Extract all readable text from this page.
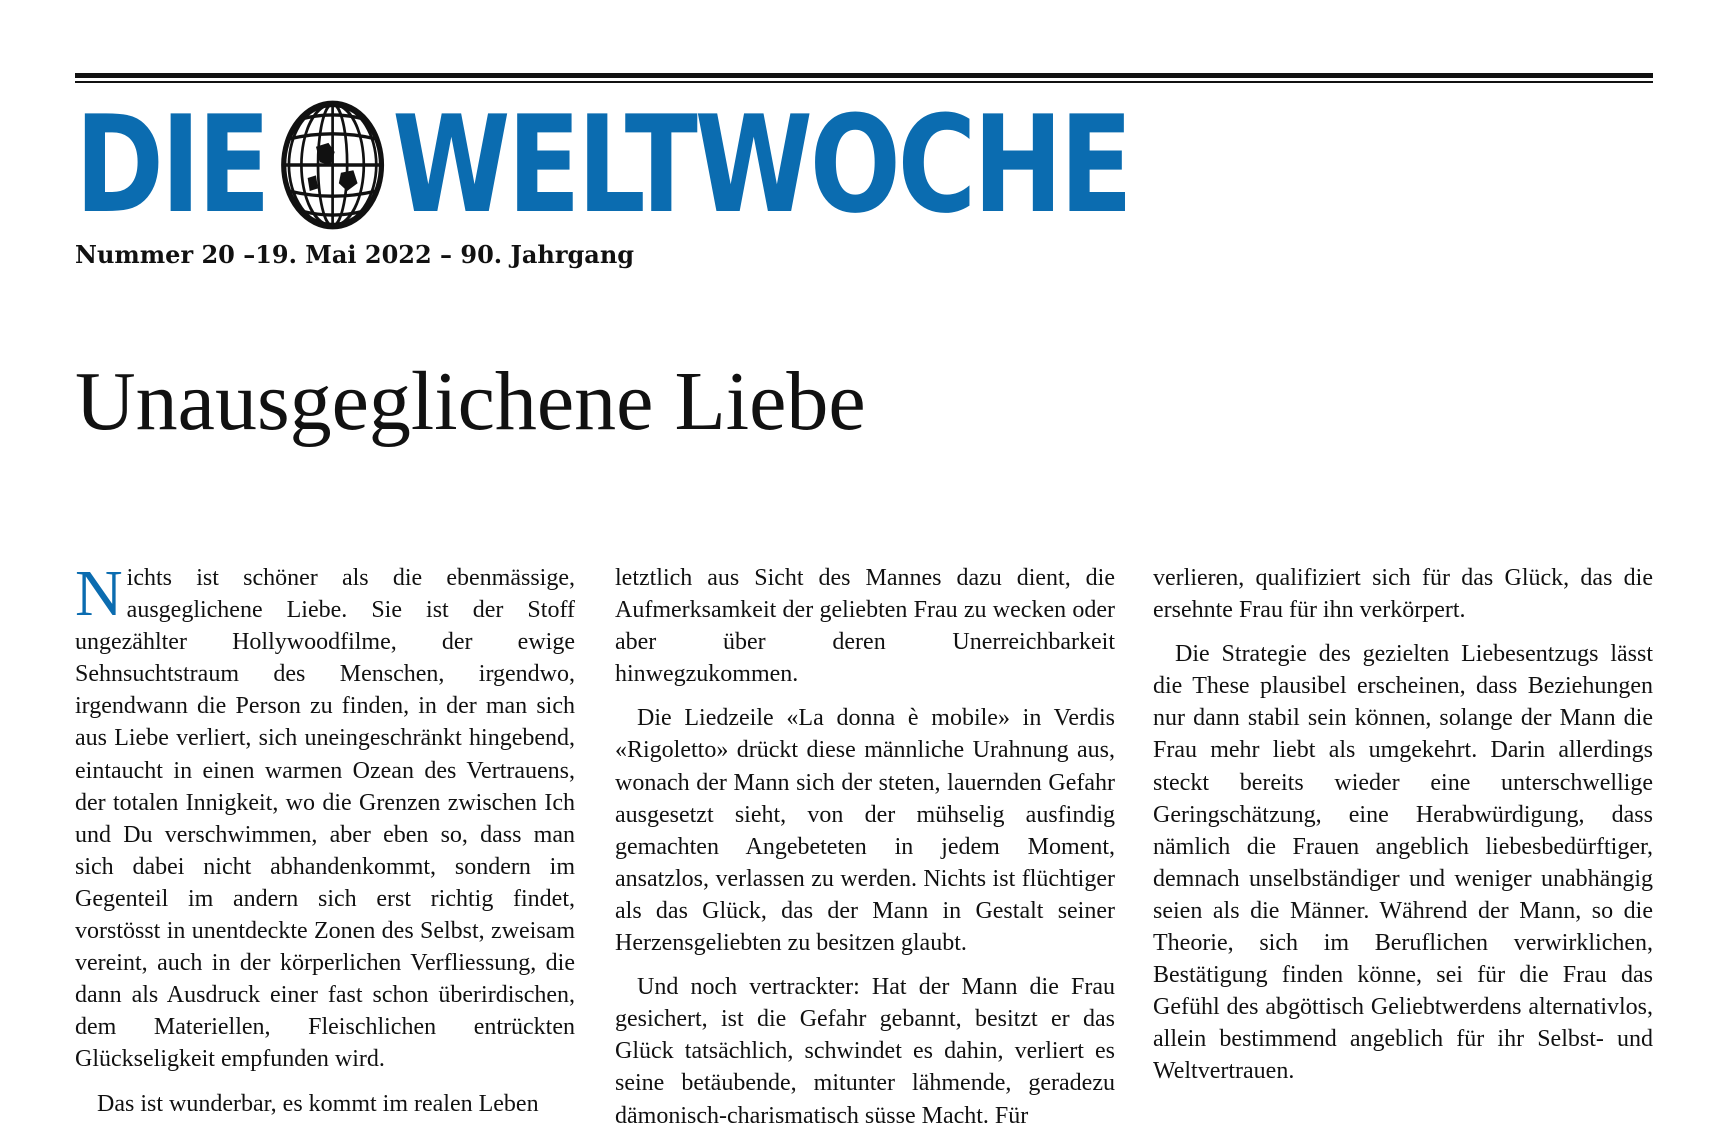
DIE WELTWOCHE
Nummer 20 –19. Mai 2022 – 90. Jahrgang
Unausgeglichene Liebe

Nichts ist schöner als die ebenmässige, ausgeglichene Liebe. Sie ist der Stoff ungezählter Hollywoodfilme, der ewige Sehnsuchtstraum des Menschen, irgendwo, irgendwann die Person zu finden, in der man sich aus Liebe verliert, sich uneingeschränkt hingebend, eintaucht in einen warmen Ozean des Vertrauens, der totalen Innigkeit, wo die Grenzen zwischen Ich und Du verschwimmen, aber eben so, dass man sich dabei nicht abhandenkommt, sondern im Gegenteil im andern sich erst richtig findet, vorstösst in unentdeckte Zonen des Selbst, zweisam vereint, auch in der körperlichen Verfliessung, die dann als Ausdruck einer fast schon überirdischen, dem Materiellen, Fleischlichen entrückten Glückseligkeit empfunden wird.

Das ist wunderbar, es kommt im realen Leben

letztlich aus Sicht des Mannes dazu dient, die Aufmerksamkeit der geliebten Frau zu wecken oder aber über deren Unerreichbarkeit hinwegzukommen.

Die Liedzeile «La donna è mobile» in Verdis «Rigoletto» drückt diese männliche Urahnung aus, wonach der Mann sich der steten, lauernden Gefahr ausgesetzt sieht, von der mühselig ausfindig gemachten Angebeteten in jedem Moment, ansatzlos, verlassen zu werden. Nichts ist flüchtiger als das Glück, das der Mann in Gestalt seiner Herzensgeliebten zu besitzen glaubt.

Und noch vertrackter: Hat der Mann die Frau gesichert, ist die Gefahr gebannt, besitzt er das Glück tatsächlich, schwindet es dahin, verliert es seine betäubende, mitunter lähmende, geradezu dämonisch-charismatisch süsse Macht. Für

verlieren, qualifiziert sich für das Glück, das die ersehnte Frau für ihn verkörpert.

Die Strategie des gezielten Liebesentzugs lässt die These plausibel erscheinen, dass Beziehungen nur dann stabil sein können, solange der Mann die Frau mehr liebt als umgekehrt. Darin allerdings steckt bereits wieder eine unterschwellige Geringschätzung, eine Herabwürdigung, dass nämlich die Frauen angeblich liebesbedürftiger, demnach unselbständiger und weniger unabhängig seien als die Männer. Während der Mann, so die Theorie, sich im Beruflichen verwirklichen, Bestätigung finden könne, sei für die Frau das Gefühl des abgöttisch Geliebtwerdens alternativlos, allein bestimmend angeblich für ihr Selbst- und Weltvertrauen.
